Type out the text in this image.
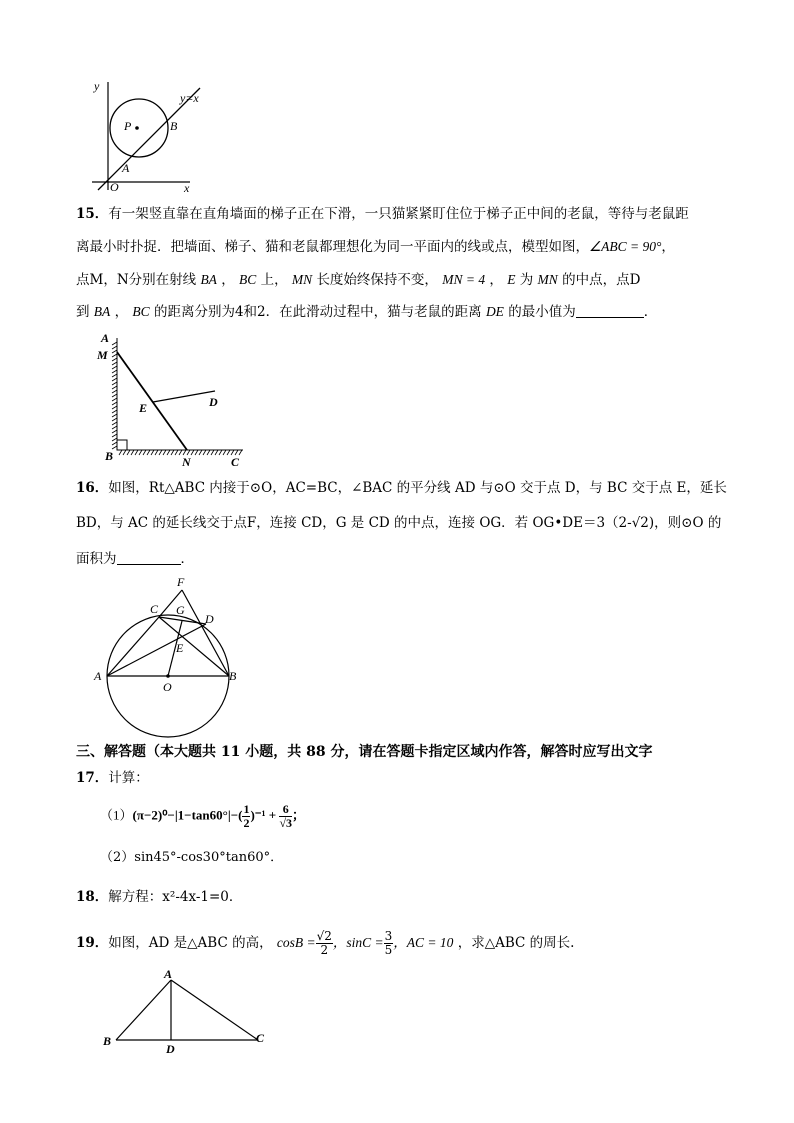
y
x
O
A
B
P
y=x
15．有一架竖直靠在直角墙面的梯子正在下滑，一只猫紧紧盯住位于梯子正中间的老鼠，等待与老鼠距
离最小时扑捉．把墙面、梯子、猫和老鼠都理想化为同一平面内的线或点，模型如图，∠ABC = 90°，
点M，N分别在射线 BA ， BC 上， MN 长度始终保持不变， MN = 4 ， E 为 MN 的中点，点D
到 BA ， BC 的距离分别为4和2．在此滑动过程中，猫与老鼠的距离 DE 的最小值为	．
A
M
E	D
B	N	C
16．如图，Rt△ABC 内接于⊙O，AC=BC，∠BAC 的平分线 AD 与⊙O 交于点 D，与 BC 交于点 E，延长
BD，与 AC 的延长线交于点F，连接 CD，G 是 CD 的中点，连接 OG．若 OG•DE＝3（2-√2)，则⊙O 的
面积为	．
F
C G
D
E
A
O
B
三、解答题（本大题共 11 小题，共 88 分，请在答题卡指定区域内作答，解答时应写出文字
17．计算：
$(1)(\pi-2)^0-|1-\tan 60^\circ|-( \frac{1}{2} )^{-1} + \frac{6}{√3}$ ；
（2）sin45°-cos30°tan60°．
18．解方程：x²-4x-1=0．
19．如图，AD 是△ABC 的高， $\cos B = \frac{√2}{2}$ ，$\sin C = \frac{3}{5}$ ，AC = 10 ，求△ABC 的周长.
A
B
D
C
